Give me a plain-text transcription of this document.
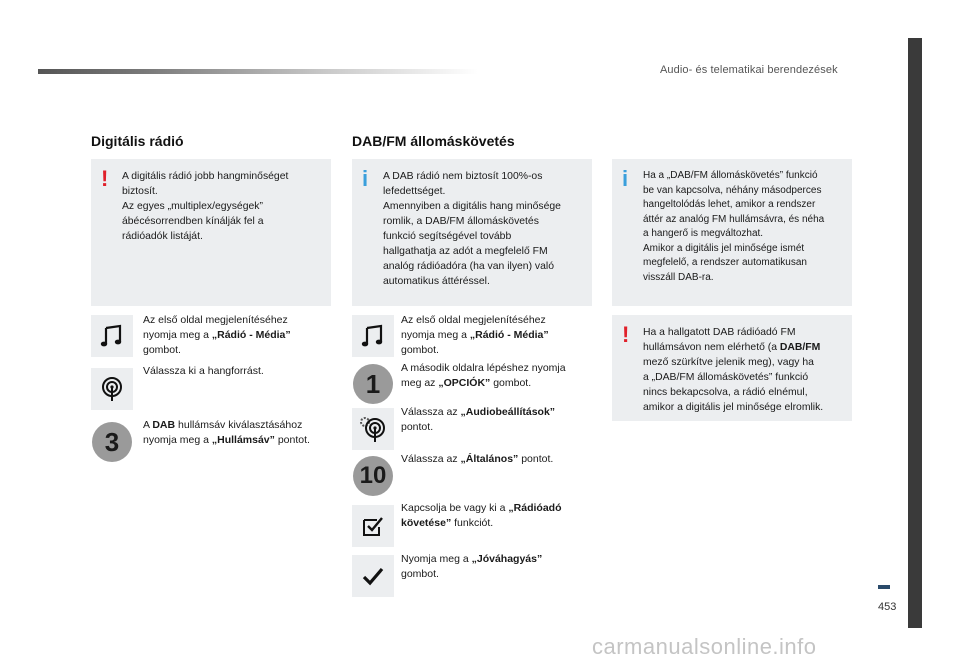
Audio- és telematikai berendezések
453
carmanualsonline.info
Digitális rádió
! A digitális rádió jobb hangminőséget

biztosít.

Az egyes „multiplex/egységek”

ábécésorrendben kínálják fel a

rádióadók listáját.

Az első oldal megjelenítéséhez
nyomja meg a „Rádió - Média”
gombot.
Válassza ki a hangforrást.
3
A DAB hullámsáv kiválasztásához
nyomja meg a „Hullámsáv” pontot.
DAB/FM állomáskövetés
i A DAB rádió nem biztosít 100%-os

lefedettséget.

Amennyiben a digitális hang minősége

romlik, a DAB/FM állomáskövetés

funkció segítségével tovább

hallgathatja az adót a megfelelő FM

analóg rádióadóra (ha van ilyen) való

automatikus áttéréssel.

Az első oldal megjelenítéséhez
nyomja meg a „Rádió - Média”
gombot.
1
A második oldalra lépéshez nyomja
meg az „OPCIÓK” gombot.
Válassza az „Audiobeállítások”
pontot.
10
Válassza az „Általános” pontot.
Kapcsolja be vagy ki a „Rádióadó
követése” funkciót.
Nyomja meg a „Jóváhagyás”
gombot.
i Ha a „DAB/FM állomáskövetés” funkció

be van kapcsolva, néhány másodperces

hangeltolódás lehet, amikor a rendszer

áttér az analóg FM hullámsávra, és néha

a hangerő is megváltozhat.

Amikor a digitális jel minősége ismét

megfelelő, a rendszer automatikusan

visszáll DAB-ra.

! Ha a hallgatott DAB rádióadó FM

hullámsávon nem elérhető (a DAB/FM

mező szürkítve jelenik meg), vagy ha

a „DAB/FM állomáskövetés” funkció

nincs bekapcsolva, a rádió elnémul,

amikor a digitális jel minősége elromlik.
